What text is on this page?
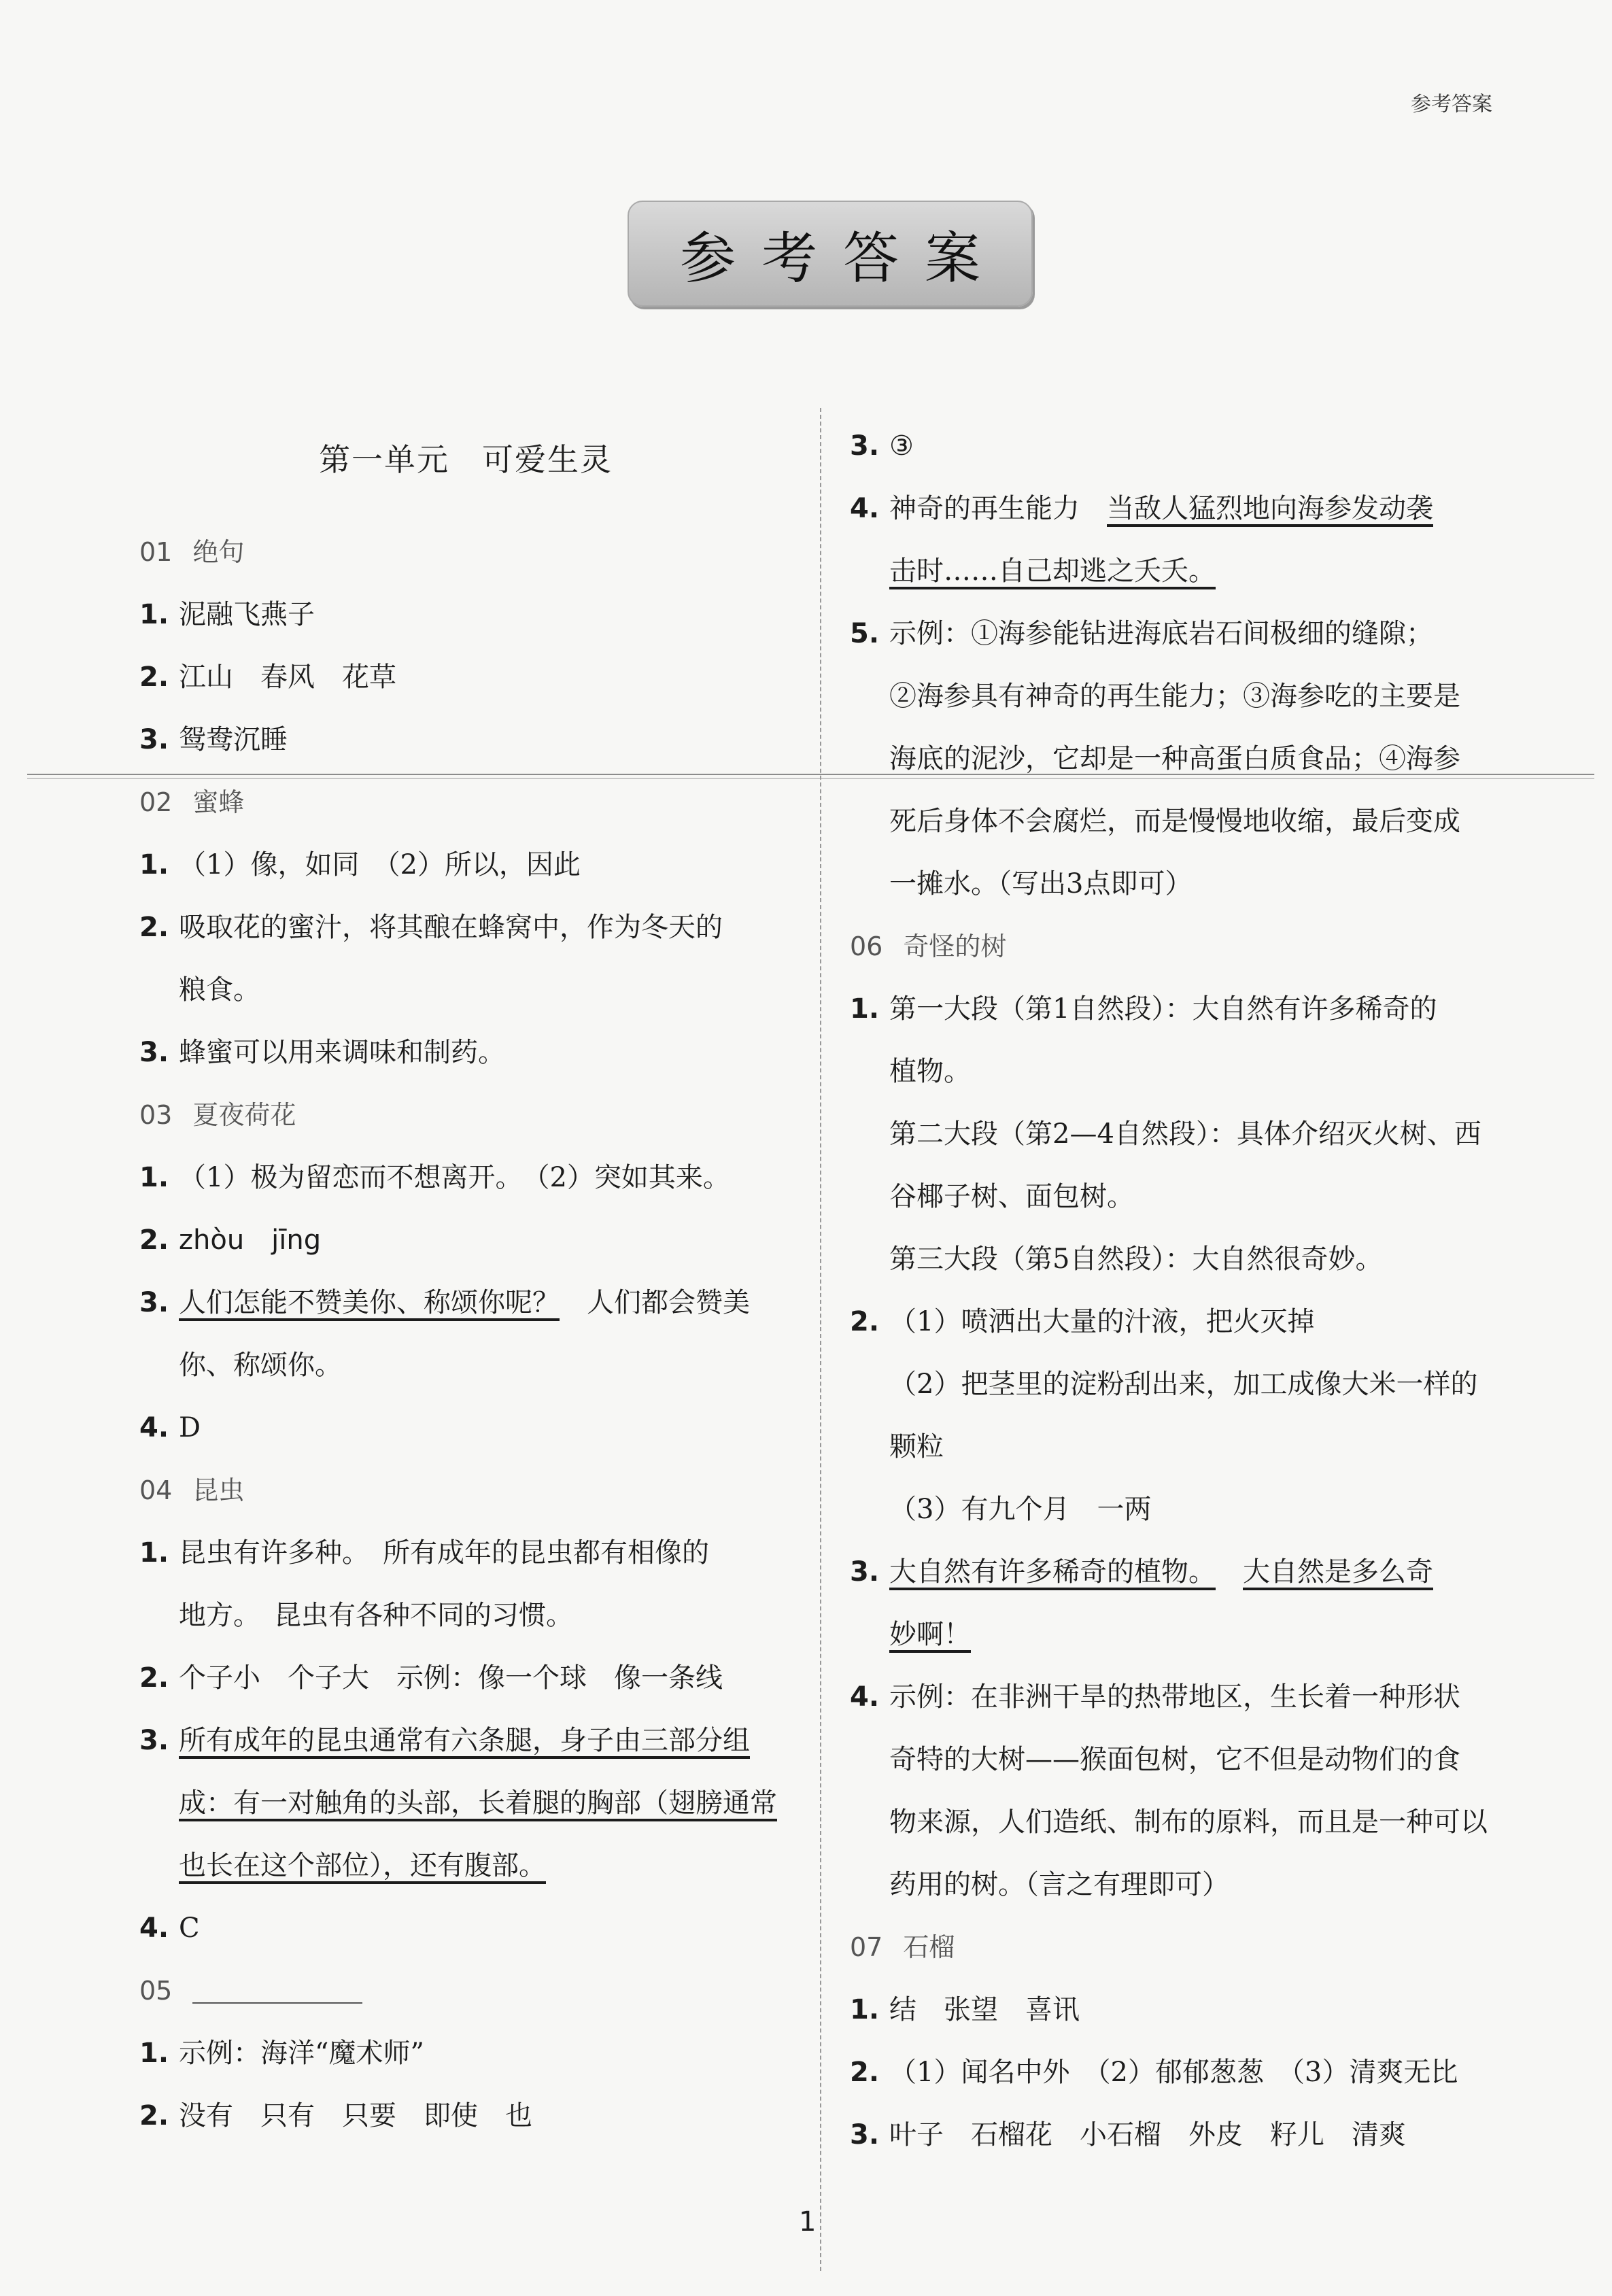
参考答案
参考答案
第一单元　可爱生灵
01 绝句
1. 泥融飞燕子
2. 江山　春风　花草
3. 鸳鸯沉睡
02 蜜蜂
1. （1）像，如同　（2）所以，因此
2. 吸取花的蜜汁，将其酿在蜂窝中，作为冬天的
粮食。
3. 蜂蜜可以用来调味和制药。
03 夏夜荷花
1. （1）极为留恋而不想离开。　（2）突如其来。
2. zhòu　jīng
3. 人们怎能不赞美你、称颂你呢？　人们都会赞美
你、称颂你。
4. D
04 昆虫
1. 昆虫有许多种。　所有成年的昆虫都有相像的
地方。　昆虫有各种不同的习惯。
2. 个子小　个子大　示例：像一个球　像一条线
3. 所有成年的昆虫通常有六条腿，身子由三部分组
成：有一对触角的头部，长着腿的胸部（翅膀通常
也长在这个部位），还有腹部。
4. C
05
1. 示例：海洋“魔术师”
2. 没有　只有　只要　即使　也
3. ③
4. 神奇的再生能力　当敌人猛烈地向海参发动袭
击时……自己却逃之夭夭。
5. 示例：①海参能钻进海底岩石间极细的缝隙；
②海参具有神奇的再生能力；③海参吃的主要是
海底的泥沙，它却是一种高蛋白质食品；④海参
死后身体不会腐烂，而是慢慢地收缩，最后变成
一摊水。（写出3点即可）
06 奇怪的树
1. 第一大段（第1自然段）：大自然有许多稀奇的
植物。
第二大段（第2—4自然段）：具体介绍灭火树、西
谷椰子树、面包树。
第三大段（第5自然段）：大自然很奇妙。
2. （1）喷洒出大量的汁液，把火灭掉
（2）把茎里的淀粉刮出来，加工成像大米一样的
颗粒
（3）有九个月　一两
3. 大自然有许多稀奇的植物。 大自然是多么奇
妙啊！
4. 示例：在非洲干旱的热带地区，生长着一种形状
奇特的大树——猴面包树，它不但是动物们的食
物来源，人们造纸、制布的原料，而且是一种可以
药用的树。（言之有理即可）
07 石榴
1. 结　张望　喜讯
2. （1）闻名中外　（2）郁郁葱葱　（3）清爽无比
3. 叶子　石榴花　小石榴　外皮　籽儿　清爽
1
